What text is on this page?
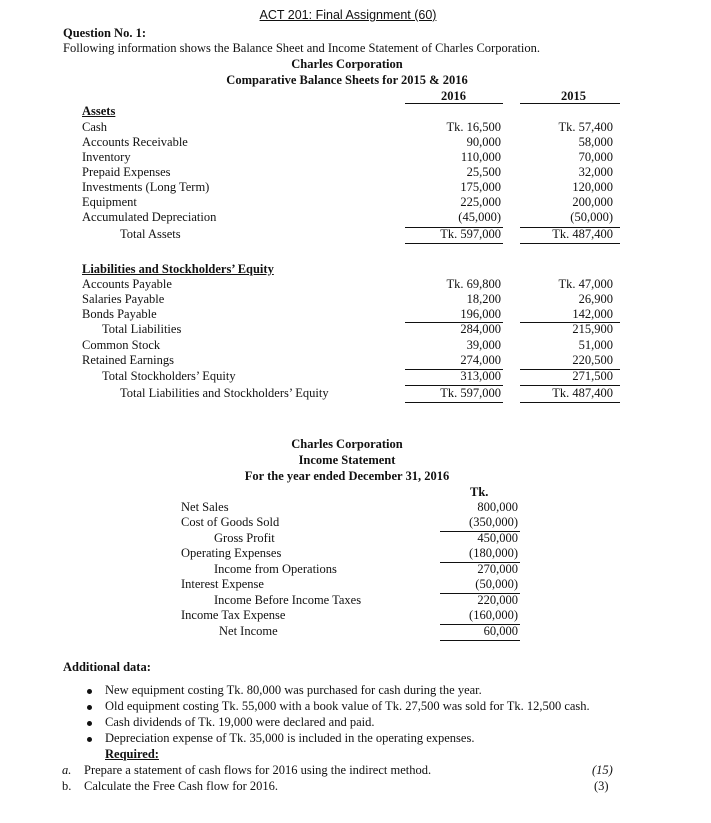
ACT 201: Final Assignment (60)
Question No. 1:
Following information shows the Balance Sheet and Income Statement of Charles Corporation.
Charles Corporation
Comparative Balance Sheets for 2015 & 2016
2016	2015
Assets
Cash	Tk. 16,500	Tk. 57,400
Accounts Receivable	90,000	58,000
Inventory	110,000	70,000
Prepaid Expenses	25,500	32,000
Investments (Long Term)	175,000	120,000
Equipment	225,000	200,000
Accumulated Depreciation	(45,000)	(50,000)
Total Assets	Tk. 597,000	Tk. 487,400
Liabilities and Stockholders’ Equity
Accounts Payable	Tk. 69,800	Tk. 47,000
Salaries Payable	18,200	26,900
Bonds Payable	196,000	142,000
Total Liabilities	284,000	215,900
Common Stock	39,000	51,000
Retained Earnings	274,000	220,500
Total Stockholders’ Equity	313,000	271,500
Total Liabilities and Stockholders’ Equity	Tk. 597,000	Tk. 487,400
Charles Corporation
Income Statement
For the year ended December 31, 2016
Tk.
Net Sales	800,000
Cost of Goods Sold	(350,000)
Gross Profit	450,000
Operating Expenses	(180,000)
Income from Operations	270,000
Interest Expense	(50,000)
Income Before Income Taxes	220,000
Income Tax Expense	(160,000)
Net Income	60,000
Additional data:
New equipment costing Tk. 80,000 was purchased for cash during the year.
Old equipment costing Tk. 55,000 with a book value of Tk. 27,500 was sold for Tk. 12,500 cash.
Cash dividends of Tk. 19,000 were declared and paid.
Depreciation expense of Tk. 35,000 is included in the operating expenses.
Required:
a. Prepare a statement of cash flows for 2016 using the indirect method.	(15)
b. Calculate the Free Cash flow for 2016.	(3)
